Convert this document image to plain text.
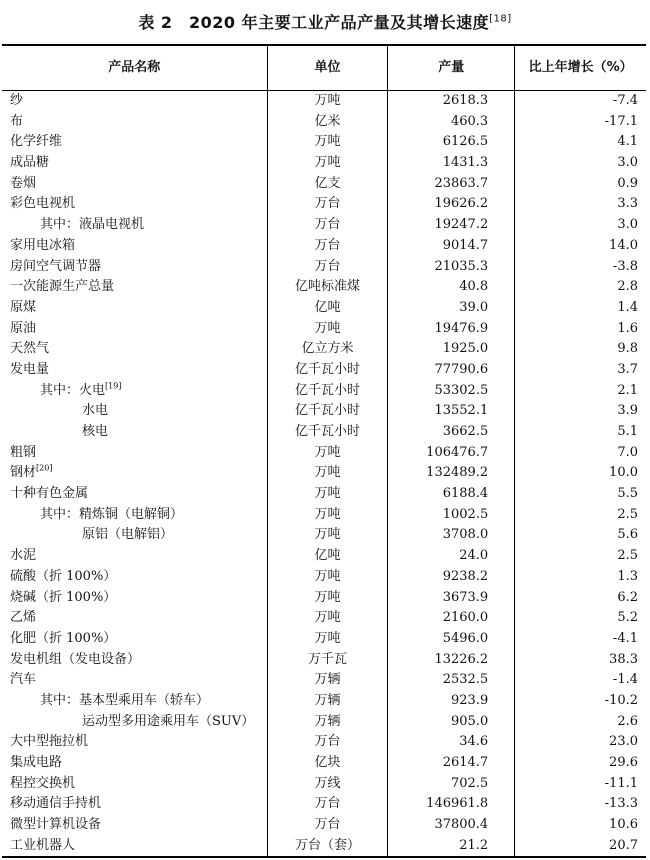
表 2　2020 年主要工业产品产量及其增长速度[18]
产品名称	单位	产量	比上年增长（%）
纱	万吨	2618.3	-7.4
布	亿米	460.3	-17.1
化学纤维	万吨	6126.5	4.1
成品糖	万吨	1431.3	3.0
卷烟	亿支	23863.7	0.9
彩色电视机	万台	19626.2	3.3
其中：液晶电视机	万台	19247.2	3.0
家用电冰箱	万台	9014.7	14.0
房间空气调节器	万台	21035.3	-3.8
一次能源生产总量	亿吨标准煤	40.8	2.8
原煤	亿吨	39.0	1.4
原油	万吨	19476.9	1.6
天然气	亿立方米	1925.0	9.8
发电量	亿千瓦小时	77790.6	3.7
其中：火电[19]	亿千瓦小时	53302.5	2.1
水电	亿千瓦小时	13552.1	3.9
核电	亿千瓦小时	3662.5	5.1
粗钢	万吨	106476.7	7.0
钢材[20]	万吨	132489.2	10.0
十种有色金属	万吨	6188.4	5.5
其中：精炼铜（电解铜）	万吨	1002.5	2.5
原铝（电解铝）	万吨	3708.0	5.6
水泥	亿吨	24.0	2.5
硫酸（折 100%）	万吨	9238.2	1.3
烧碱（折 100%）	万吨	3673.9	6.2
乙烯	万吨	2160.0	5.2
化肥（折 100%）	万吨	5496.0	-4.1
发电机组（发电设备）	万千瓦	13226.2	38.3
汽车	万辆	2532.5	-1.4
其中：基本型乘用车（轿车）	万辆	923.9	-10.2
运动型多用途乘用车（SUV）	万辆	905.0	2.6
大中型拖拉机	万台	34.6	23.0
集成电路	亿块	2614.7	29.6
程控交换机	万线	702.5	-11.1
移动通信手持机	万台	146961.8	-13.3
微型计算机设备	万台	37800.4	10.6
工业机器人	万台（套）	21.2	20.7
